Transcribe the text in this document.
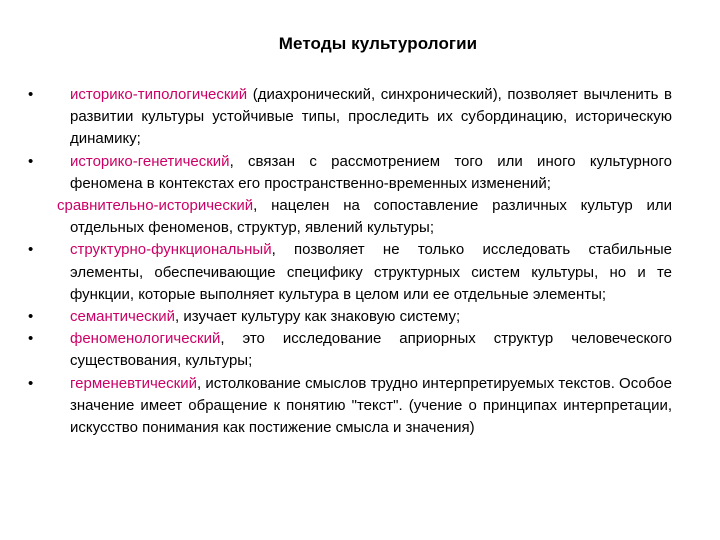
Методы культурологии
•	историко-типологический (диахронический, синхронический), позволяет вычленить в развитии культуры устойчивые типы, проследить их субординацию, историческую динамику;
•	историко-генетический, связан с рассмотрением того или иного культурного феномена в контекстах его пространственно-временных изменений;
сравнительно-исторический, нацелен на сопоставление различных культур или отдельных феноменов, структур, явлений культуры;
•	структурно-функциональный, позволяет не только исследовать стабильные элементы, обеспечивающие специфику структурных систем культуры, но и те функции, которые выполняет культура в целом или ее отдельные элементы;
•	семантический, изучает культуру как знаковую систему;
•	феноменологический, это исследование априорных структур человеческого существования, культуры;
•	герменевтический, истолкование смыслов трудно интерпретируемых текстов. Особое значение имеет обращение к понятию "текст". (учение о принципах интерпретации, искусство понимания как постижение смысла и значения)
